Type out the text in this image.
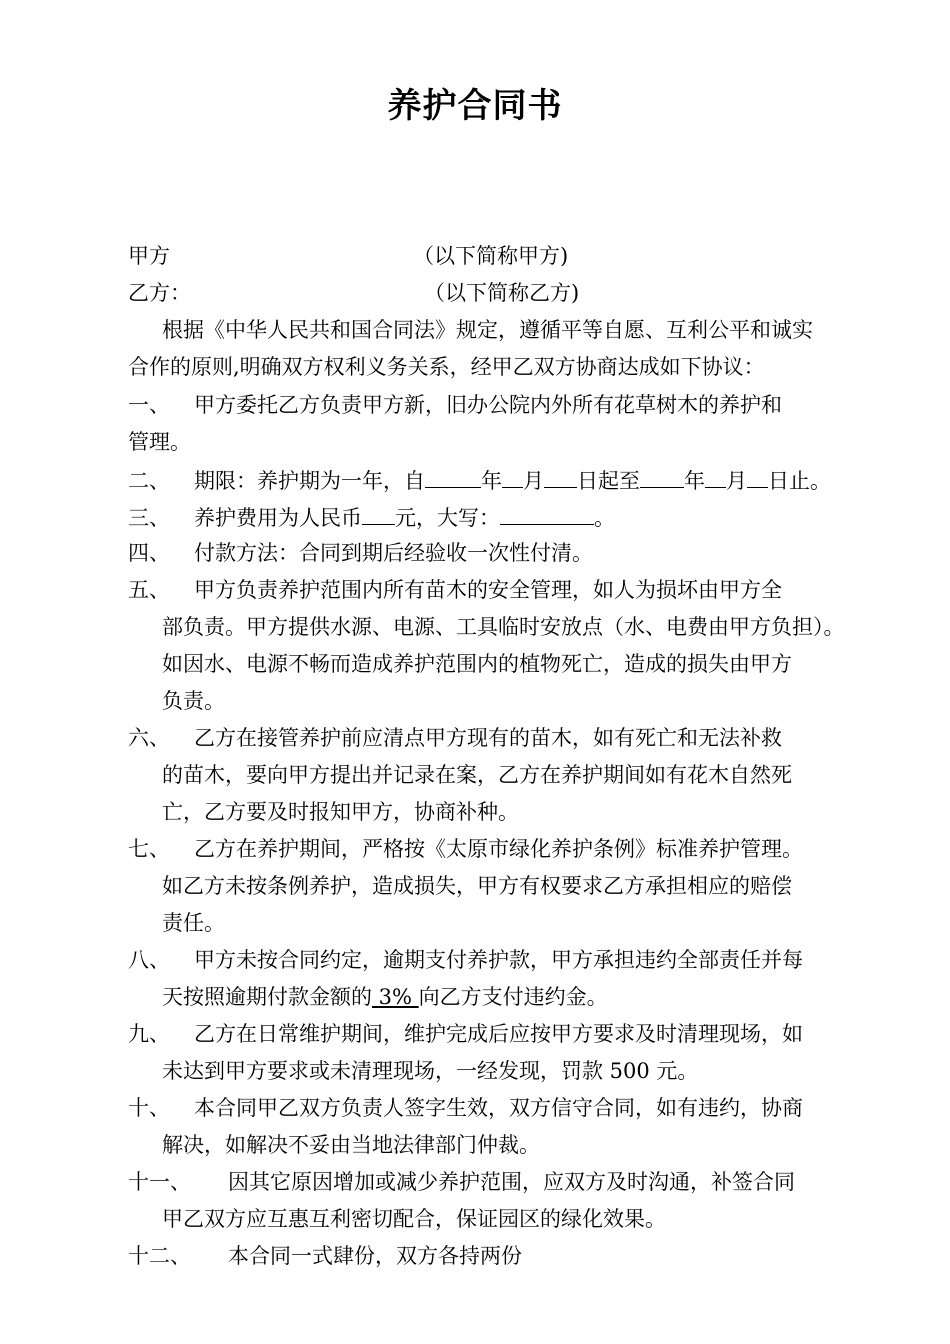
养护合同书
甲方	（以下简称甲方)
乙方：	（以下简称乙方)
根据《中华人民共和国合同法》规定，遵循平等自愿、互利公平和诚实
合作的原则,明确双方权利义务关系，经甲乙双方协商达成如下协议：
一、 甲方委托乙方负责甲方新，旧办公院内外所有花草树木的养护和
管理。
二、 期限：养护期为一年，自	年 月 日起至 年 月 日止。
三、 养护费用为人民币 元，大写：	。
四、 付款方法：合同到期后经验收一次性付清。
五、 甲方负责养护范围内所有苗木的安全管理，如人为损坏由甲方全
部负责。甲方提供水源、电源、工具临时安放点（水、电费由甲方负担）。
如因水、电源不畅而造成养护范围内的植物死亡，造成的损失由甲方
负责。
六、 乙方在接管养护前应清点甲方现有的苗木，如有死亡和无法补救
的苗木，要向甲方提出并记录在案，乙方在养护期间如有花木自然死
亡，乙方要及时报知甲方，协商补种。
七、 乙方在养护期间，严格按《太原市绿化养护条例》标准养护管理。
如乙方未按条例养护，造成损失，甲方有权要求乙方承担相应的赔偿
责任。
八、 甲方未按合同约定，逾期支付养护款，甲方承担违约全部责任并每
天按照逾期付款金额的 3% 向乙方支付违约金。
九、 乙方在日常维护期间，维护完成后应按甲方要求及时清理现场，如
未达到甲方要求或未清理现场，一经发现，罚款 500 元。
十、 本合同甲乙双方负责人签字生效，双方信守合同，如有违约，协商
解决，如解决不妥由当地法律部门仲裁。
十一、 因其它原因增加或减少养护范围，应双方及时沟通，补签合同
甲乙双方应互惠互利密切配合，保证园区的绿化效果。
十二、 本合同一式肆份，双方各持两份
